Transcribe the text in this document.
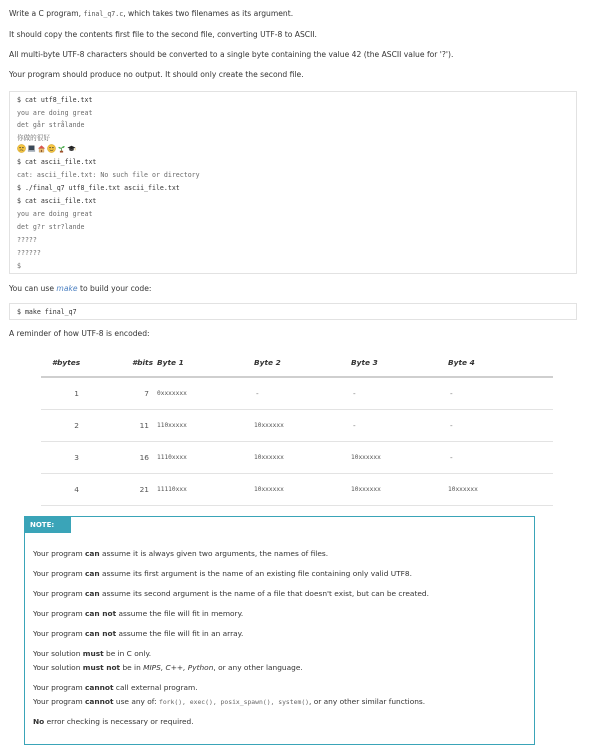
Write a C program, final_q7.c, which takes two filenames as its argument.
It should copy the contents first file to the second file, converting UTF-8 to ASCII.
All multi-byte UTF-8 characters should be converted to a single byte containing the value 42 (the ASCII value for '?').
Your program should produce no output. It should only create the second file.
$ cat utf8_file.txt
you are doing great
det går strålande
你做的很好
$ cat ascii_file.txt
cat: ascii_file.txt: No such file or directory
$ ./final_q7 utf8_file.txt ascii_file.txt
$ cat ascii_file.txt
you are doing great
det g?r str?lande
?????
??????
$
You can use make to build your code:
$ make final_q7
A reminder of how UTF-8 is encoded:
#bytes	#bits	Byte 1	Byte 2	Byte 3	Byte 4
1	7	0xxxxxxx	-	-	-
2	11	110xxxxx	10xxxxxx	-	-
3	16	1110xxxx	10xxxxxx	10xxxxxx	-
4	21	11110xxx	10xxxxxx	10xxxxxx	10xxxxxx
NOTE:
Your program can assume it is always given two arguments, the names of files.
Your program can assume its first argument is the name of an existing file containing only valid UTF8.
Your program can assume its second argument is the name of a file that doesn't exist, but can be created.
Your program can not assume the file will fit in memory.
Your program can not assume the file will fit in an array.
Your solution must be in C only.
Your solution must not be in MIPS, C++, Python, or any other language.
Your program cannot call external program.
Your program cannot use any of: fork(), exec(), posix_spawn(), system(), or any other similar functions.
No error checking is necessary or required.
